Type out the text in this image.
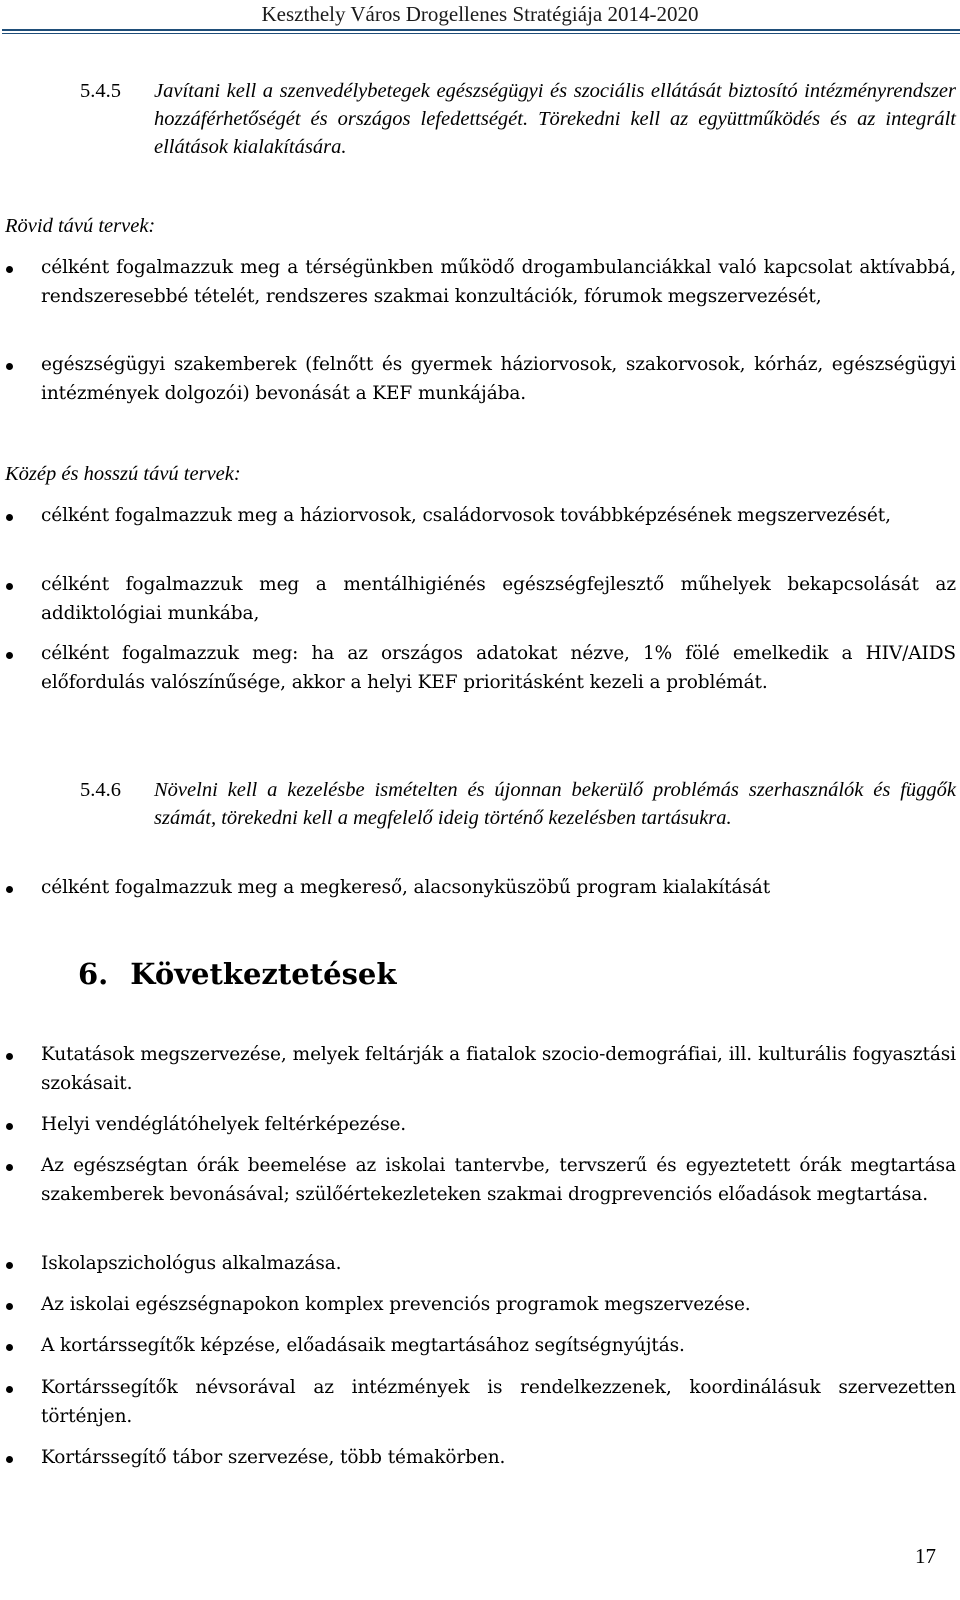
Keszthely Város Drogellenes Stratégiája 2014-2020
5.4.5 Javítani kell a szenvedélybetegek egészségügyi és szociális ellátását biztosító intézményrendszer hozzáférhetőségét és országos lefedettségét. Törekedni kell az együttműködés és az integrált ellátások kialakítására.
Rövid távú tervek:
célként fogalmazzuk meg a térségünkben működő drogambulanciákkal való kapcsolat aktívabbá, rendszeresebbé tételét, rendszeres szakmai konzultációk, fórumok megszervezését,
egészségügyi szakemberek (felnőtt és gyermek háziorvosok, szakorvosok, kórház, egészségügyi intézmények dolgozói) bevonását a KEF munkájába.
Közép és hosszú távú tervek:
célként fogalmazzuk meg a háziorvosok, családorvosok továbbképzésének megszervezését,
célként fogalmazzuk meg a mentálhigiénés egészségfejlesztő műhelyek bekapcsolását az addiktológiai munkába,
célként fogalmazzuk meg: ha az országos adatokat nézve, 1% fölé emelkedik a HIV/AIDS előfordulás valószínűsége, akkor a helyi KEF prioritásként kezeli a problémát.
5.4.6 Növelni kell a kezelésbe ismételten és újonnan bekerülő problémás szerhasználók és függők számát, törekedni kell a megfelelő ideig történő kezelésben tartásukra.
célként fogalmazzuk meg a megkereső, alacsonyküszöbű program kialakítását
6. Következtetések
Kutatások megszervezése, melyek feltárják a fiatalok szocio-demográfiai, ill. kulturális fogyasztási szokásait.
Helyi vendéglátóhelyek feltérképezése.
Az egészségtan órák beemelése az iskolai tantervbe, tervszerű és egyeztetett órák megtartása szakemberek bevonásával; szülőértekezleteken szakmai drogprevenciós előadások megtartása.
Iskolapszichológus alkalmazása.
Az iskolai egészségnapokon komplex prevenciós programok megszervezése.
A kortárssegítők képzése, előadásaik megtartásához segítségnyújtás.
Kortárssegítők névsorával az intézmények is rendelkezzenek, koordinálásuk szervezetten történjen.
Kortárssegítő tábor szervezése, több témakörben.
17
